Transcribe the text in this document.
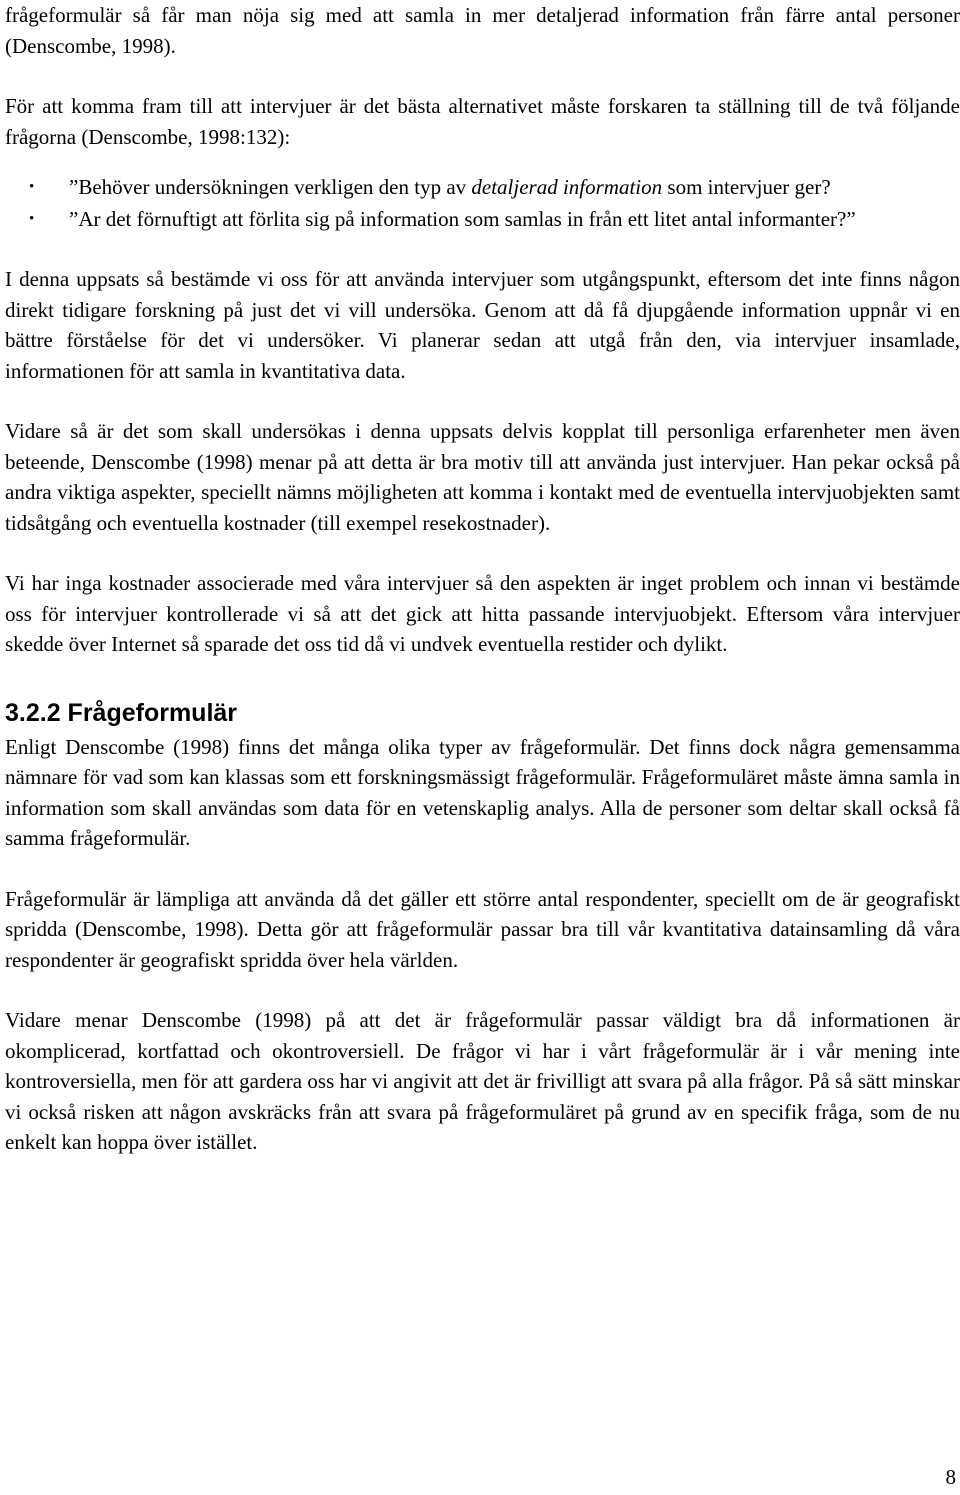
frågeformulär så får man nöja sig med att samla in mer detaljerad information från färre antal personer (Denscombe, 1998).

För att komma fram till att intervjuer är det bästa alternativet måste forskaren ta ställning till de två följande frågorna (Denscombe, 1998:132):

• ”Behöver undersökningen verkligen den typ av detaljerad information som intervjuer ger?
• ”Ar det förnuftigt att förlita sig på information som samlas in från ett litet antal informanter?”

I denna uppsats så bestämde vi oss för att använda intervjuer som utgångspunkt, eftersom det inte finns någon direkt tidigare forskning på just det vi vill undersöka. Genom att då få djupgående information uppnår vi en bättre förståelse för det vi undersöker. Vi planerar sedan att utgå från den, via intervjuer insamlade, informationen för att samla in kvantitativa data.

Vidare så är det som skall undersökas i denna uppsats delvis kopplat till personliga erfarenheter men även beteende, Denscombe (1998) menar på att detta är bra motiv till att använda just intervjuer. Han pekar också på andra viktiga aspekter, speciellt nämns möjligheten att komma i kontakt med de eventuella intervjuobjekten samt tidsåtgång och eventuella kostnader (till exempel resekostnader).

Vi har inga kostnader associerade med våra intervjuer så den aspekten är inget problem och innan vi bestämde oss för intervjuer kontrollerade vi så att det gick att hitta passande intervjuobjekt. Eftersom våra intervjuer skedde över Internet så sparade det oss tid då vi undvek eventuella restider och dylikt.

3.2.2 Frågeformulär

Enligt Denscombe (1998) finns det många olika typer av frågeformulär. Det finns dock några gemensamma nämnare för vad som kan klassas som ett forskningsmässigt frågeformulär. Frågeformuläret måste ämna samla in information som skall användas som data för en vetenskaplig analys. Alla de personer som deltar skall också få samma frågeformulär.

Frågeformulär är lämpliga att använda då det gäller ett större antal respondenter, speciellt om de är geografiskt spridda (Denscombe, 1998). Detta gör att frågeformulär passar bra till vår kvantitativa datainsamling då våra respondenter är geografiskt spridda över hela världen.

Vidare menar Denscombe (1998) på att det är frågeformulär passar väldigt bra då informationen är okomplicerad, kortfattad och okontroversiell. De frågor vi har i vårt frågeformulär är i vår mening inte kontroversiella, men för att gardera oss har vi angivit att det är frivilligt att svara på alla frågor. På så sätt minskar vi också risken att någon avskräcks från att svara på frågeformuläret på grund av en specifik fråga, som de nu enkelt kan hoppa över istället.

8
